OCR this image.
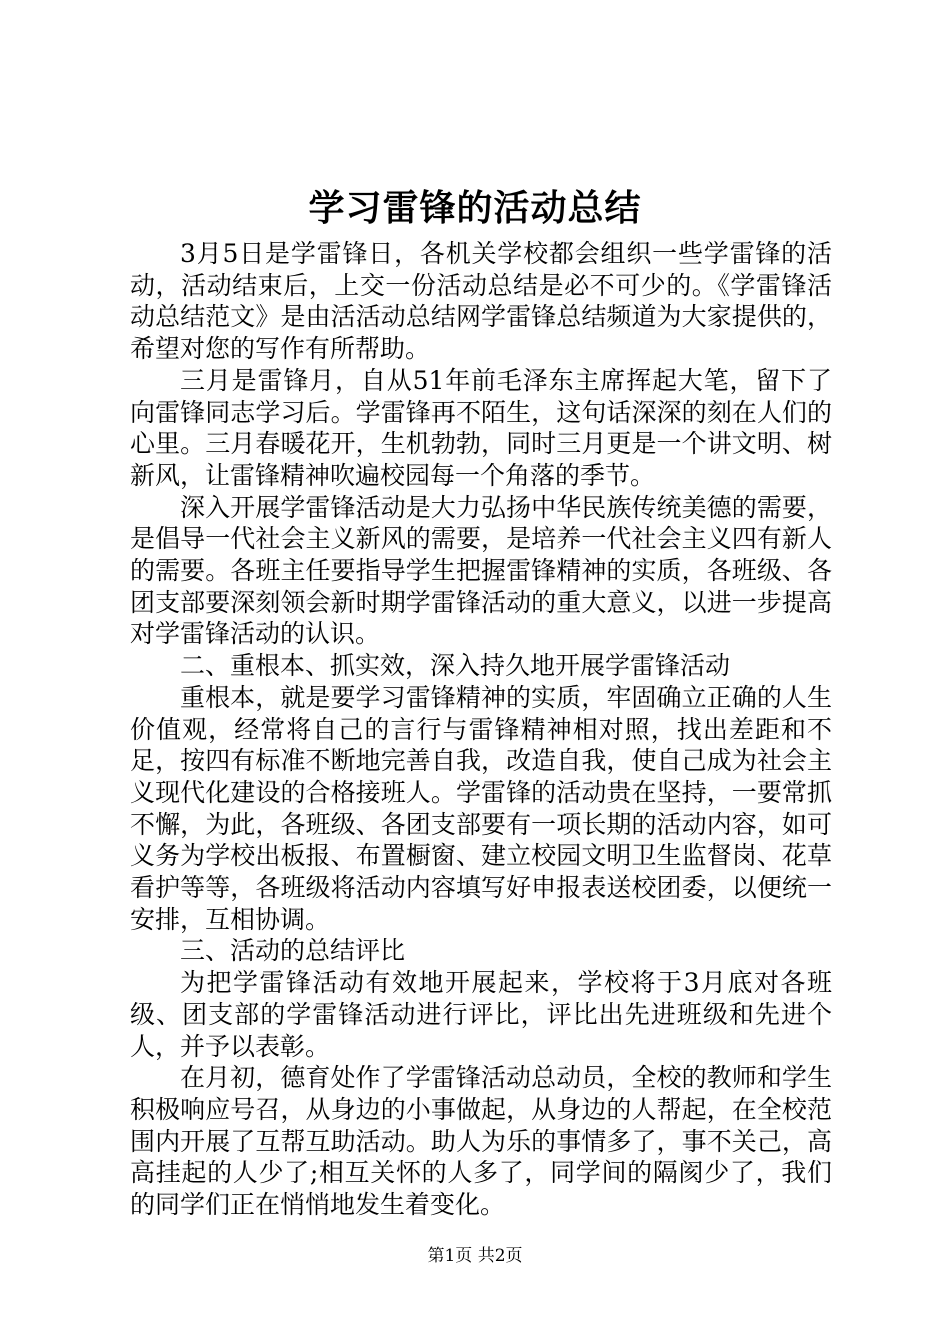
学习雷锋的活动总结

3月5日是学雷锋日，各机关学校都会组织一些学雷锋的活动，活动结束后，上交一份活动总结是必不可少的。《学雷锋活动总结范文》是由活活动总结网学雷锋总结频道为大家提供的，希望对您的写作有所帮助。

三月是雷锋月，自从51年前毛泽东主席挥起大笔，留下了向雷锋同志学习后。学雷锋再不陌生，这句话深深的刻在人们的心里。三月春暖花开，生机勃勃，同时三月更是一个讲文明、树新风，让雷锋精神吹遍校园每一个角落的季节。

深入开展学雷锋活动是大力弘扬中华民族传统美德的需要，是倡导一代社会主义新风的需要，是培养一代社会主义四有新人的需要。各班主任要指导学生把握雷锋精神的实质，各班级、各团支部要深刻领会新时期学雷锋活动的重大意义，以进一步提高对学雷锋活动的认识。

二、重根本、抓实效，深入持久地开展学雷锋活动

重根本，就是要学习雷锋精神的实质，牢固确立正确的人生价值观，经常将自己的言行与雷锋精神相对照，找出差距和不足，按四有标准不断地完善自我，改造自我，使自己成为社会主义现代化建设的合格接班人。学雷锋的活动贵在坚持，一要常抓不懈，为此，各班级、各团支部要有一项长期的活动内容，如可义务为学校出板报、布置橱窗、建立校园文明卫生监督岗、花草看护等等，各班级将活动内容填写好申报表送校团委，以便统一安排，互相协调。

三、活动的总结评比

为把学雷锋活动有效地开展起来，学校将于3月底对各班级、团支部的学雷锋活动进行评比，评比出先进班级和先进个人，并予以表彰。

在月初，德育处作了学雷锋活动总动员，全校的教师和学生积极响应号召，从身边的小事做起，从身边的人帮起，在全校范围内开展了互帮互助活动。助人为乐的事情多了，事不关己，高高挂起的人少了;相互关怀的人多了，同学间的隔阂少了，我们的同学们正在悄悄地发生着变化。

第1页 共2页
